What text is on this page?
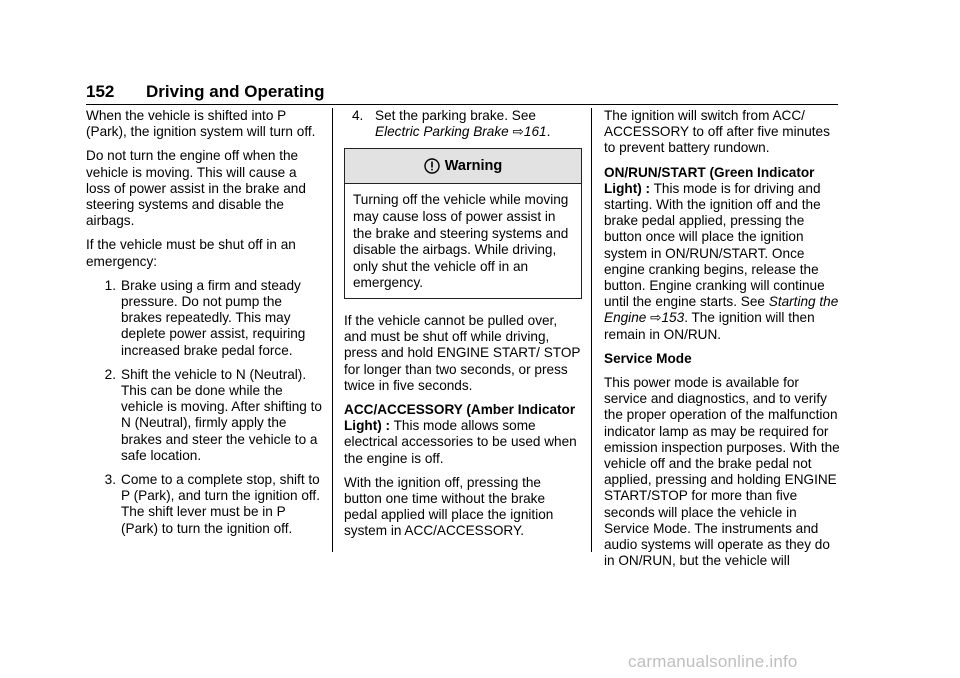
152 Driving and Operating

When the vehicle is shifted into P (Park), the ignition system will turn off.

Do not turn the engine off when the vehicle is moving. This will cause a loss of power assist in the brake and steering systems and disable the airbags.

If the vehicle must be shut off in an emergency:

1. Brake using a firm and steady pressure. Do not pump the brakes repeatedly. This may deplete power assist, requiring increased brake pedal force.
2. Shift the vehicle to N (Neutral). This can be done while the vehicle is moving. After shifting to N (Neutral), firmly apply the brakes and steer the vehicle to a safe location.
3. Come to a complete stop, shift to P (Park), and turn the ignition off. The shift lever must be in P (Park) to turn the ignition off.
4. Set the parking brake. See
Electric Parking Brake ⇨161.
Warning
Turning off the vehicle while moving may cause loss of power assist in the brake and steering systems and disable the airbags. While driving, only shut the vehicle off in an emergency.

If the vehicle cannot be pulled over, and must be shut off while driving, press and hold ENGINE START/ STOP for longer than two seconds, or press twice in five seconds.

ACC/ACCESSORY (Amber Indicator Light) : This mode allows some electrical accessories to be used when the engine is off.

With the ignition off, pressing the button one time without the brake pedal applied will place the ignition system in ACC/ACCESSORY.

The ignition will switch from ACC/ ACCESSORY to off after five minutes to prevent battery rundown.

ON/RUN/START (Green Indicator Light) : This mode is for driving and starting. With the ignition off and the brake pedal applied, pressing the button once will place the ignition system in ON/RUN/START. Once engine cranking begins, release the button. Engine cranking will continue until the engine starts. See Starting the Engine ⇨153. The ignition will then remain in ON/RUN.

Service Mode

This power mode is available for service and diagnostics, and to verify the proper operation of the malfunction indicator lamp as may be required for emission inspection purposes. With the vehicle off and the brake pedal not applied, pressing and holding ENGINE START/STOP for more than five seconds will place the vehicle in Service Mode. The instruments and audio systems will operate as they do in ON/RUN, but the vehicle will

carmanualsonline.info
